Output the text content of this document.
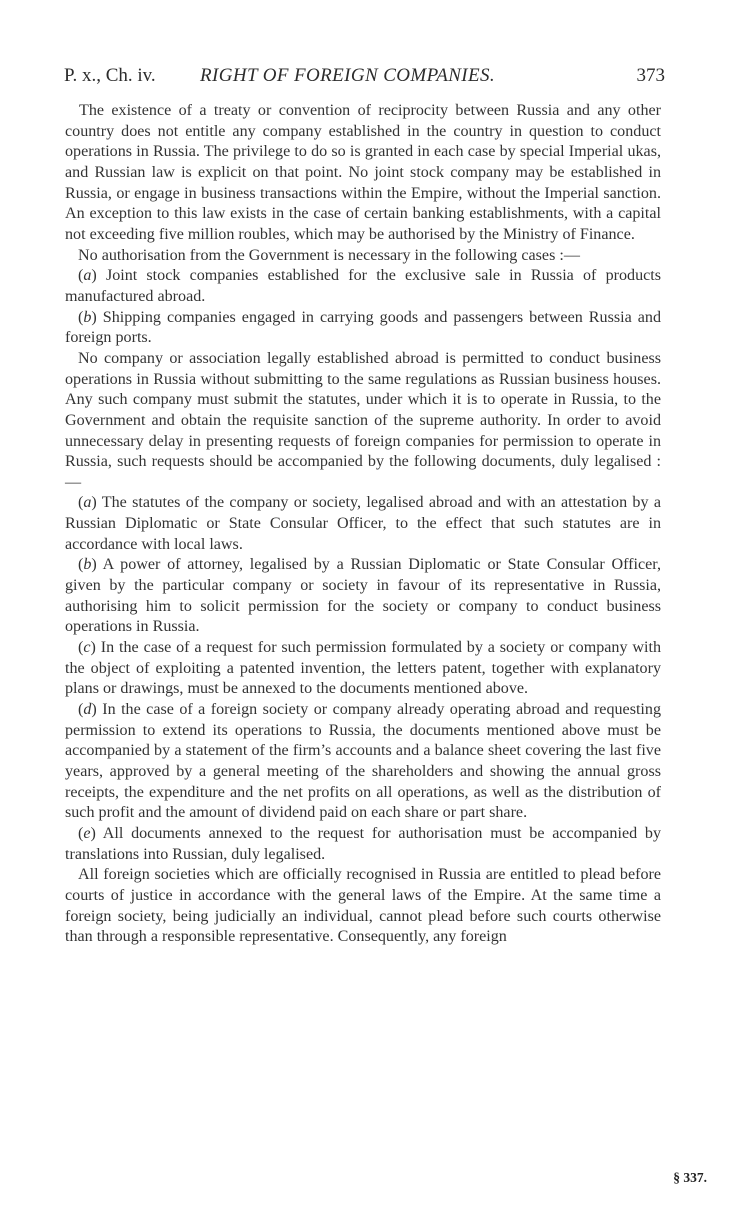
P. x., Ch. iv. RIGHT OF FOREIGN COMPANIES.	373

The existence of a treaty or convention of reciprocity between Russia and any other country does not entitle any company established in the country in question to conduct operations in Russia. The privilege to do so is granted in each case by special Imperial ukas, and Russian law is explicit on that point. No joint stock company may be established in Russia, or engage in business transactions within the Empire, without the Imperial sanction. An exception to this law exists in the case of certain banking establishments, with a capital not exceeding five million roubles, which may be authorised by the Ministry of Finance.

No authorisation from the Government is necessary in the following cases :—

(a) Joint stock companies established for the exclusive sale in Russia of products manufactured abroad.

(b) Shipping companies engaged in carrying goods and passengers between Russia and foreign ports.

No company or association legally established abroad is permitted to conduct business operations in Russia without submitting to the same regulations as Russian business houses. Any such company must submit the statutes, under which it is to operate in Russia, to the Government and obtain the requisite sanction of the supreme authority. In order to avoid unnecessary delay in presenting requests of foreign companies for permission to operate in Russia, such requests should be accompanied by the following documents, duly legalised :—

(a) The statutes of the company or society, legalised abroad and with an attestation by a Russian Diplomatic or State Consular Officer, to the effect that such statutes are in accordance with local laws.

(b) A power of attorney, legalised by a Russian Diplomatic or State Consular Officer, given by the particular company or society in favour of its representative in Russia, authorising him to solicit permission for the society or company to conduct business operations in Russia.

(c) In the case of a request for such permission formulated by a society or company with the object of exploiting a patented invention, the letters patent, together with explanatory plans or drawings, must be annexed to the documents mentioned above.

(d) In the case of a foreign society or company already operating abroad and requesting permission to extend its operations to Russia, the documents mentioned above must be accompanied by a statement of the firm’s accounts and a balance sheet covering the last five years, approved by a general meeting of the shareholders and showing the annual gross receipts, the expenditure and the net profits on all operations, as well as the distribution of such profit and the amount of dividend paid on each share or part share.

(e) All documents annexed to the request for authorisation must be accompanied by translations into Russian, duly legalised.

All foreign societies which are officially recognised in Russia are entitled to plead before courts of justice in accordance with the general laws of the Empire. At the same time a foreign society, being judicially an individual, cannot plead before such courts otherwise than through a responsible representative. Consequently, any foreign

§ 337.
